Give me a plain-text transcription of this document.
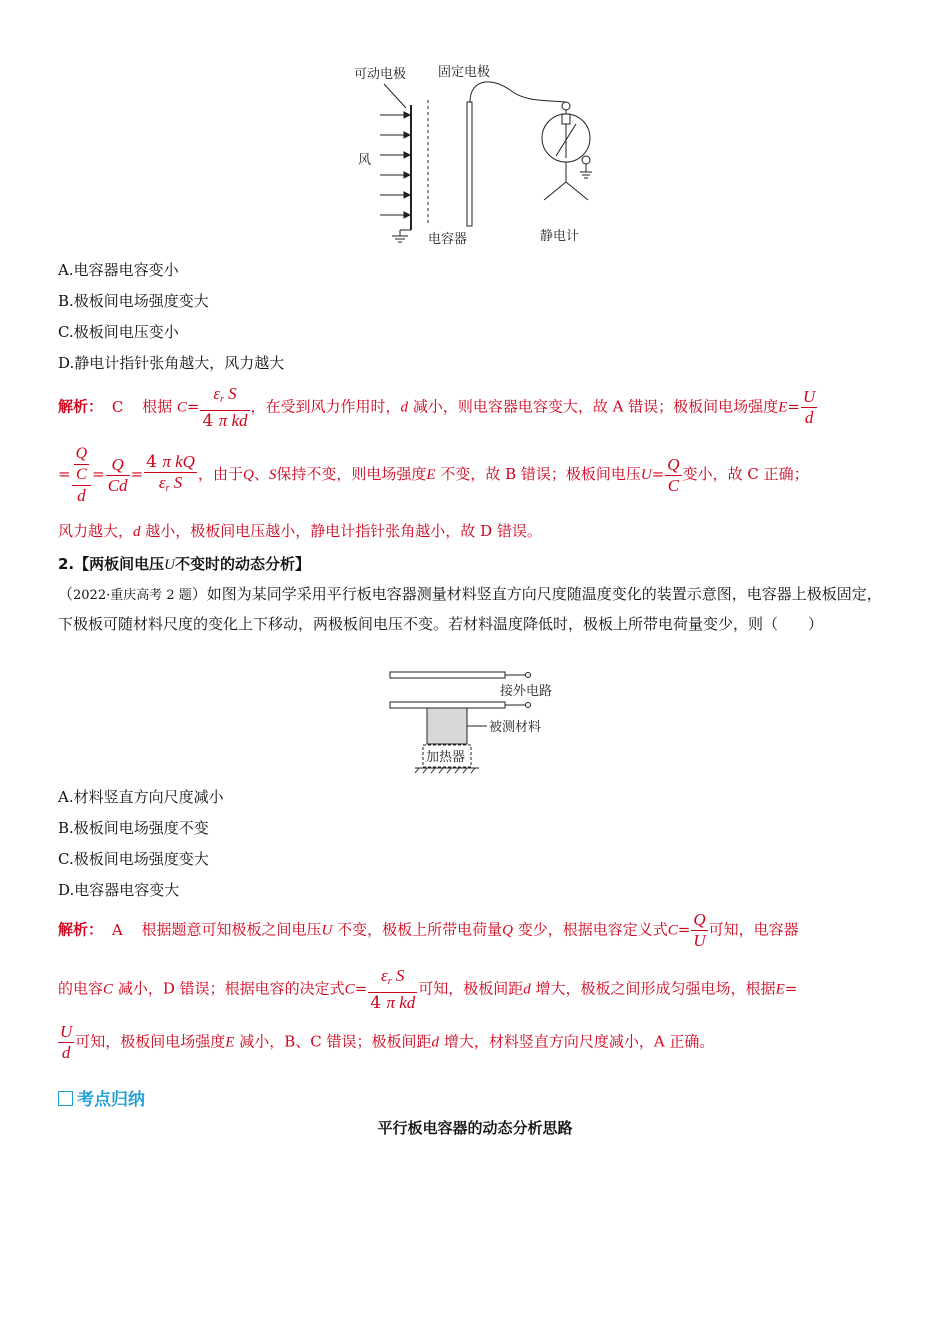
可动电极 固定电极
风
电容器	静电计
A.电容器电容变小
B.极板间电场强度变大
C.极板间电压变小
D.静电计指针张角越大，风力越大
解析： C 根据 $C= \frac{\varepsilon_r S}{\text{4 π kd}}$ ，在受到风力作用时，d 减小，则电容器电容变大，故 A 错误；极板间电场强度$E= \frac{U}{d}$
= $\frac{\frac{Q}{C}}{d} = \frac{Q}{Cd} = \frac{\text{4 π kQ}}{\varepsilon_r S}$ ，由于Q、S保持不变，则电场强度E 不变，故 B 错误；极板间电压$U= \frac{Q}{C}$ 变小，故 C 正确；
风力越大，d 越小，极板间电压越小，静电计指针张角越小，故 D 错误。
2.【两板间电压U不变时的动态分析】
（2022·重庆高考 2 题）如图为某同学采用平行板电容器测量材料竖直方向尺度随温度变化的装置示意图，电容器上极板固定，下极板可随材料尺度的变化上下移动，两极板间电压不变。若材料温度降低时，极板上所带电荷量变少，则（　　）
接外电路
被测材料
加热器
A.材料竖直方向尺度减小
B.极板间电场强度不变
C.极板间电场强度变大
D.电容器电容变大
解析： A 根据题意可知极板之间电压U 不变，极板上所带电荷量Q 变少，根据电容定义式$C= \frac{Q}{U}$ 可知，电容器
的电容C 减小，D 错误；根据电容的决定式$C= \frac{\varepsilon_r S}{\text{4 π kd}}$ 可知，极板间距d 增大，极板之间形成匀强电场，根据E=
$\frac{U}{d}$ 可知，极板间电场强度E 减小，B、C 错误；极板间距d 增大，材料竖直方向尺度减小，A 正确。
考点归纳
平行板电容器的动态分析思路
